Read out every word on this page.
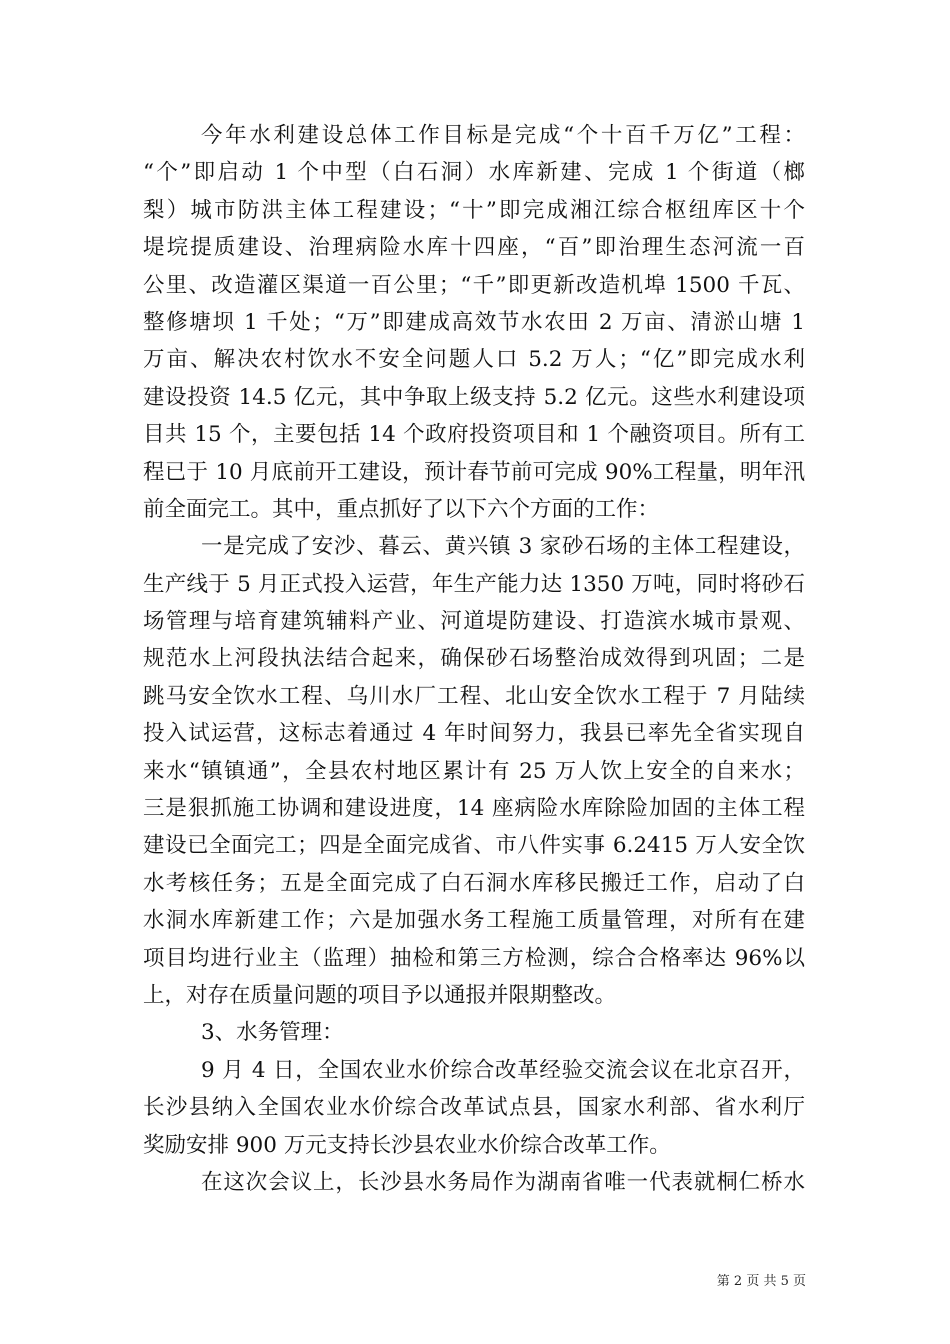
今年水利建设总体工作目标是完成“个十百千万亿”工程：
“个”即启动 1 个中型（白石洞）水库新建、完成 1 个街道（榔
梨）城市防洪主体工程建设；“十”即完成湘江综合枢纽库区十个
堤垸提质建设、治理病险水库十四座，“百”即治理生态河流一百
公里、改造灌区渠道一百公里；“千”即更新改造机埠 1500 千瓦、
整修塘坝 1 千处；“万”即建成高效节水农田 2 万亩、清淤山塘 1
万亩、解决农村饮水不安全问题人口 5.2 万人；“亿”即完成水利
建设投资 14.5 亿元，其中争取上级支持 5.2 亿元。这些水利建设项
目共 15 个，主要包括 14 个政府投资项目和 1 个融资项目。所有工
程已于 10 月底前开工建设，预计春节前可完成 90%工程量，明年汛
前全面完工。其中，重点抓好了以下六个方面的工作：
一是完成了安沙、暮云、黄兴镇 3 家砂石场的主体工程建设，
生产线于 5 月正式投入运营，年生产能力达 1350 万吨，同时将砂石
场管理与培育建筑辅料产业、河道堤防建设、打造滨水城市景观、
规范水上河段执法结合起来，确保砂石场整治成效得到巩固；二是
跳马安全饮水工程、乌川水厂工程、北山安全饮水工程于 7 月陆续
投入试运营，这标志着通过 4 年时间努力，我县已率先全省实现自
来水“镇镇通”，全县农村地区累计有 25 万人饮上安全的自来水；
三是狠抓施工协调和建设进度，14 座病险水库除险加固的主体工程
建设已全面完工；四是全面完成省、市八件实事 6.2415 万人安全饮
水考核任务；五是全面完成了白石洞水库移民搬迁工作，启动了白
水洞水库新建工作；六是加强水务工程施工质量管理，对所有在建
项目均进行业主（监理）抽检和第三方检测，综合合格率达 96%以
上，对存在质量问题的项目予以通报并限期整改。
3、水务管理：
9 月 4 日，全国农业水价综合改革经验交流会议在北京召开，
长沙县纳入全国农业水价综合改革试点县，国家水利部、省水利厅
奖励安排 900 万元支持长沙县农业水价综合改革工作。
在这次会议上，长沙县水务局作为湖南省唯一代表就桐仁桥水
第 2 页 共 5 页
